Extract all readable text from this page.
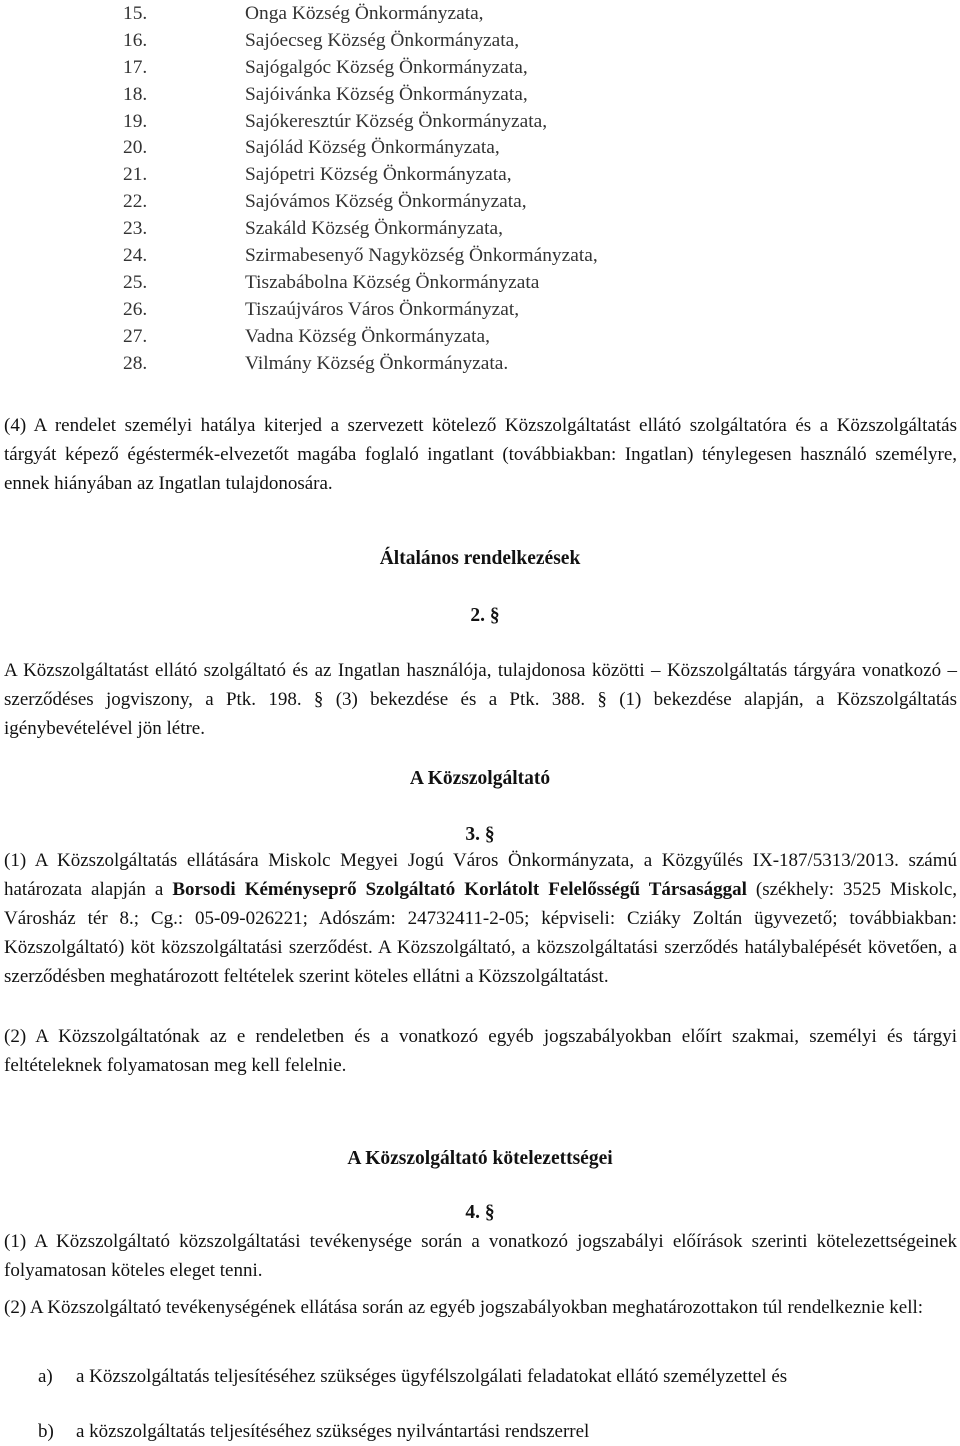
15.	Onga Község Önkormányzata,
16.	Sajóecseg Község Önkormányzata,
17.	Sajógalgóc Község Önkormányzata,
18.	Sajóivánka Község Önkormányzata,
19.	Sajókeresztúr Község Önkormányzata,
20.	Sajólád Község Önkormányzata,
21.	Sajópetri Község Önkormányzata,
22.	Sajóvámos Község Önkormányzata,
23.	Szakáld Község Önkormányzata,
24.	Szirmabesenyő Nagyközség Önkormányzata,
25.	Tiszabábolna Község Önkormányzata
26.	Tiszaújváros Város Önkormányzat,
27.	Vadna Község Önkormányzata,
28.	Vilmány Község Önkormányzata.
(4) A rendelet személyi hatálya kiterjed a szervezett kötelező Közszolgáltatást ellátó szolgáltatóra és a Közszolgáltatás tárgyát képező égéstermék-elvezetőt magába foglaló ingatlant (továbbiakban: Ingatlan) ténylegesen használó személyre, ennek hiányában az Ingatlan tulajdonosára.
Általános rendelkezések
2. §
A Közszolgáltatást ellátó szolgáltató és az Ingatlan használója, tulajdonosa közötti – Közszolgáltatás tárgyára vonatkozó – szerződéses jogviszony, a Ptk. 198. § (3) bekezdése és a Ptk. 388. § (1) bekezdése alapján, a Közszolgáltatás igénybevételével jön létre.
A Közszolgáltató
3. §
(1) A Közszolgáltatás ellátására Miskolc Megyei Jogú Város Önkormányzata, a Közgyűlés IX-187/5313/2013. számú határozata alapján a Borsodi Kéményseprő Szolgáltató Korlátolt Felelősségű Társasággal (székhely: 3525 Miskolc, Városház tér 8.; Cg.: 05-09-026221; Adószám: 24732411-2-05; képviseli: Cziáky Zoltán ügyvezető; továbbiakban: Közszolgáltató) köt közszolgáltatási szerződést. A Közszolgáltató, a közszolgáltatási szerződés hatálybalépését követően, a szerződésben meghatározott feltételek szerint köteles ellátni a Közszolgáltatást.
(2) A Közszolgáltatónak az e rendeletben és a vonatkozó egyéb jogszabályokban előírt szakmai, személyi és tárgyi feltételeknek folyamatosan meg kell felelnie.
A Közszolgáltató kötelezettségei
4. §
(1) A Közszolgáltató közszolgáltatási tevékenysége során a vonatkozó jogszabályi előírások szerinti kötelezettségeinek folyamatosan köteles eleget tenni.
(2) A Közszolgáltató tevékenységének ellátása során az egyéb jogszabályokban meghatározottakon túl rendelkeznie kell:
a) a Közszolgáltatás teljesítéséhez szükséges ügyfélszolgálati feladatokat ellátó személyzettel és
b) a közszolgáltatás teljesítéséhez szükséges nyilvántartási rendszerrel
